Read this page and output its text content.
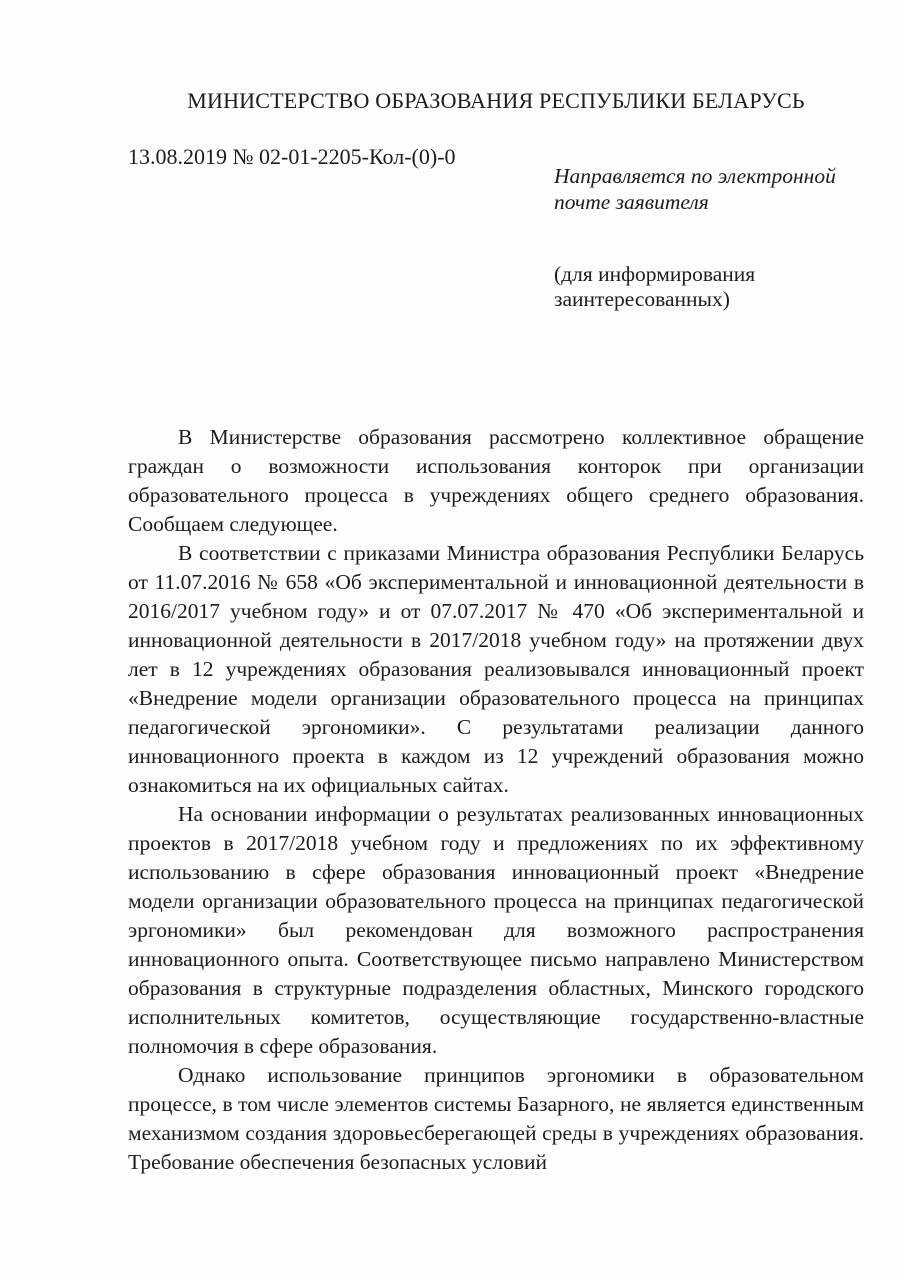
МИНИСТЕРСТВО ОБРАЗОВАНИЯ РЕСПУБЛИКИ БЕЛАРУСЬ
13.08.2019 № 02-01-2205-Кол-(0)-0

Направляется по электронной почте заявителя

(для информирования заинтересованных)

В Министерстве образования рассмотрено коллективное обращение граждан о возможности использования конторок при организации образовательного процесса в учреждениях общего среднего образования. Сообщаем следующее.

В соответствии с приказами Министра образования Республики Беларусь от 11.07.2016 № 658 «Об экспериментальной и инновационной деятельности в 2016/2017 учебном году» и от 07.07.2017 № 470 «Об экспериментальной и инновационной деятельности в 2017/2018 учебном году» на протяжении двух лет в 12 учреждениях образования реализовывался инновационный проект «Внедрение модели организации образовательного процесса на принципах педагогической эргономики». С результатами реализации данного инновационного проекта в каждом из 12 учреждений образования можно ознакомиться на их официальных сайтах.

На основании информации о результатах реализованных инновационных проектов в 2017/2018 учебном году и предложениях по их эффективному использованию в сфере образования инновационный проект «Внедрение модели организации образовательного процесса на принципах педагогической эргономики» был рекомендован для возможного распространения инновационного опыта. Соответствующее письмо направлено Министерством образования в структурные подразделения областных, Минского городского исполнительных комитетов, осуществляющие государственно-властные полномочия в сфере образования.

Однако использование принципов эргономики в образовательном процессе, в том числе элементов системы Базарного, не является единственным механизмом создания здоровьесберегающей среды в учреждениях образования. Требование обеспечения безопасных условий
